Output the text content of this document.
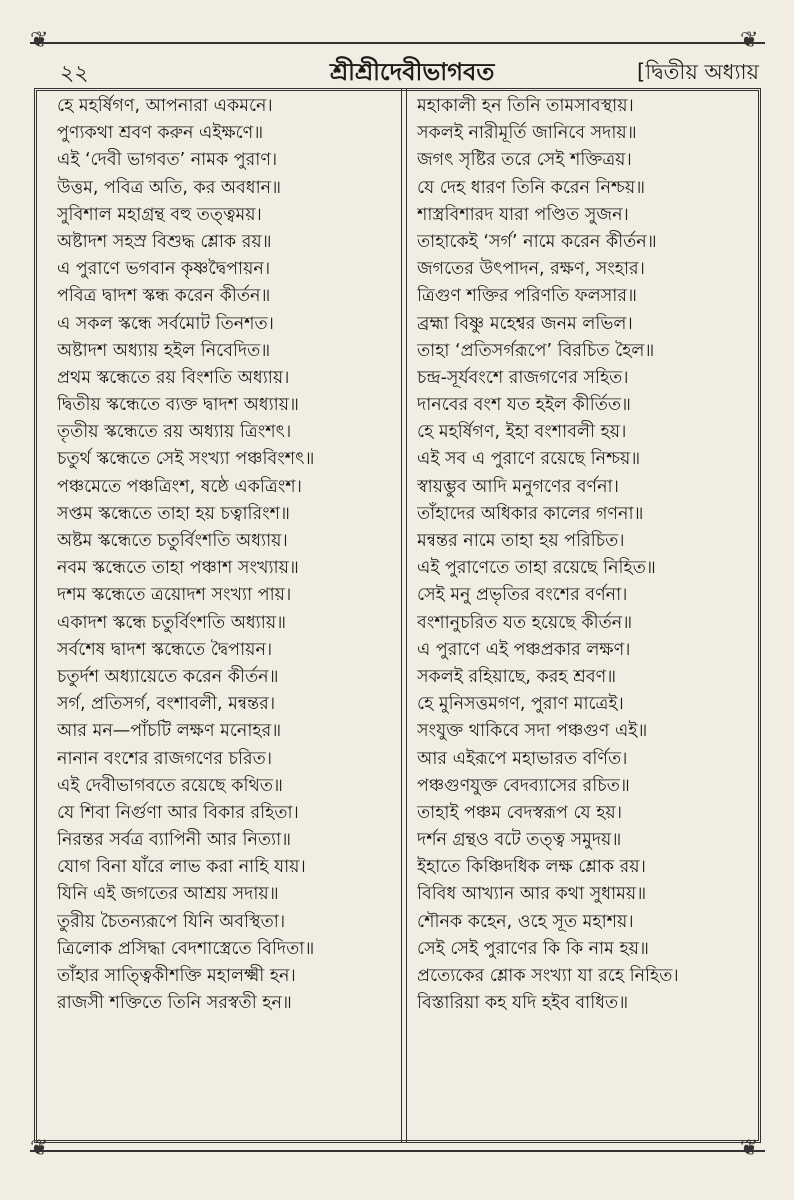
❦	❦
❦	❦
২২	শ্রীশ্রীদেবীভাগবত	[দ্বিতীয় অধ্যায়
হে মহর্ষিগণ, আপনারা একমনে।
পুণ্যকথা শ্রবণ করুন এইক্ষণে॥
এই ‘দেবী ভাগবত’ নামক পুরাণ।
উত্তম, পবিত্র অতি, কর অবধান॥
সুবিশাল মহাগ্রন্থ বহু তত্ত্বময়।
অষ্টাদশ সহস্র বিশুদ্ধ শ্লোক রয়॥
এ পুরাণে ভগবান কৃষ্ণদ্বৈপায়ন।
পবিত্র দ্বাদশ স্কন্ধ করেন কীর্তন॥
এ সকল স্কন্ধে সর্বমোট তিনশত।
অষ্টাদশ অধ্যায় হইল নিবেদিত॥
প্রথম স্কন্ধেতে রয় বিংশতি অধ্যায়।
দ্বিতীয় স্কন্ধেতে ব্যক্ত দ্বাদশ অধ্যায়॥
তৃতীয় স্কন্ধেতে রয় অধ্যায় ত্রিংশৎ।
চতুর্থ স্কন্ধেতে সেই সংখ্যা পঞ্চবিংশৎ॥
পঞ্চমেতে পঞ্চত্রিংশ, ষষ্ঠে একত্রিংশ।
সপ্তম স্কন্ধেতে তাহা হয় চত্বারিংশ॥
অষ্টম স্কন্ধেতে চতুর্বিংশতি অধ্যায়।
নবম স্কন্ধেতে তাহা পঞ্চাশ সংখ্যায়॥
দশম স্কন্ধেতে ত্রয়োদশ সংখ্যা পায়।
একাদশ স্কন্ধে চতুর্বিংশতি অধ্যায়॥
সর্বশেষ দ্বাদশ স্কন্ধেতে দ্বৈপায়ন।
চতুর্দশ অধ্যায়েতে করেন কীর্তন॥
সর্গ, প্রতিসর্গ, বংশাবলী, মন্বন্তর।
আর মন—পাঁচটি লক্ষণ মনোহর॥
নানান বংশের রাজগণের চরিত।
এই দেবীভাগবতে রয়েছে কথিত॥
যে শিবা নির্গুণা আর বিকার রহিতা।
নিরন্তর সর্বত্র ব্যাপিনী আর নিত্যা॥
যোগ বিনা যাঁরে লাভ করা নাহি যায়।
যিনি এই জগতের আশ্রয় সদায়॥
তুরীয় চৈতন্যরূপে যিনি অবস্থিতা।
ত্রিলোক প্রসিদ্ধা বেদশাস্ত্রেতে বিদিতা॥
তাঁহার সাত্ত্বিকীশক্তি মহালক্ষ্মী হন।
রাজসী শক্তিতে তিনি সরস্বতী হন॥
মহাকালী হন তিনি তামসাবস্থায়।
সকলই নারীমূর্তি জানিবে সদায়॥
জগৎ সৃষ্টির তরে সেই শক্তিত্রয়।
যে দেহ ধারণ তিনি করেন নিশ্চয়॥
শাস্ত্রবিশারদ যারা পণ্ডিত সুজন।
তাহাকেই ‘সর্গ’ নামে করেন কীর্তন॥
জগতের উৎপাদন, রক্ষণ, সংহার।
ত্রিগুণ শক্তির পরিণতি ফলসার॥
ব্রহ্মা বিষ্ণু মহেশ্বর জনম লভিল।
তাহা ‘প্রতিসর্গরূপে’ বিরচিত হৈল॥
চন্দ্র-সূর্যবংশে রাজগণের সহিত।
দানবের বংশ যত হইল কীর্তিত॥
হে মহর্ষিগণ, ইহা বংশাবলী হয়।
এই সব এ পুরাণে রয়েছে নিশ্চয়॥
স্বায়ম্ভুব আদি মনুগণের বর্ণনা।
তাঁহাদের অধিকার কালের গণনা॥
মন্বন্তর নামে তাহা হয় পরিচিত।
এই পুরাণেতে তাহা রয়েছে নিহিত॥
সেই মনু প্রভৃতির বংশের বর্ণনা।
বংশানুচরিত যত হয়েছে কীর্তন॥
এ পুরাণে এই পঞ্চপ্রকার লক্ষণ।
সকলই রহিয়াছে, করহ শ্রবণ॥
হে মুনিসত্তমগণ, পুরাণ মাত্রেই।
সংযুক্ত থাকিবে সদা পঞ্চগুণ এই॥
আর এইরূপে মহাভারত বর্ণিত।
পঞ্চগুণযুক্ত বেদব্যাসের রচিত॥
তাহাই পঞ্চম বেদস্বরূপ যে হয়।
দর্শন গ্রন্থও বটে তত্ত্ব সমুদয়॥
ইহাতে কিঞ্চিদধিক লক্ষ শ্লোক রয়।
বিবিধ আখ্যান আর কথা সুধাময়॥
শৌনক কহেন, ওহে সূত মহাশয়।
সেই সেই পুরাণের কি কি নাম হয়॥
প্রত্যেকের শ্লোক সংখ্যা যা রহে নিহিত।
বিস্তারিয়া কহ যদি হইব বাধিত॥
